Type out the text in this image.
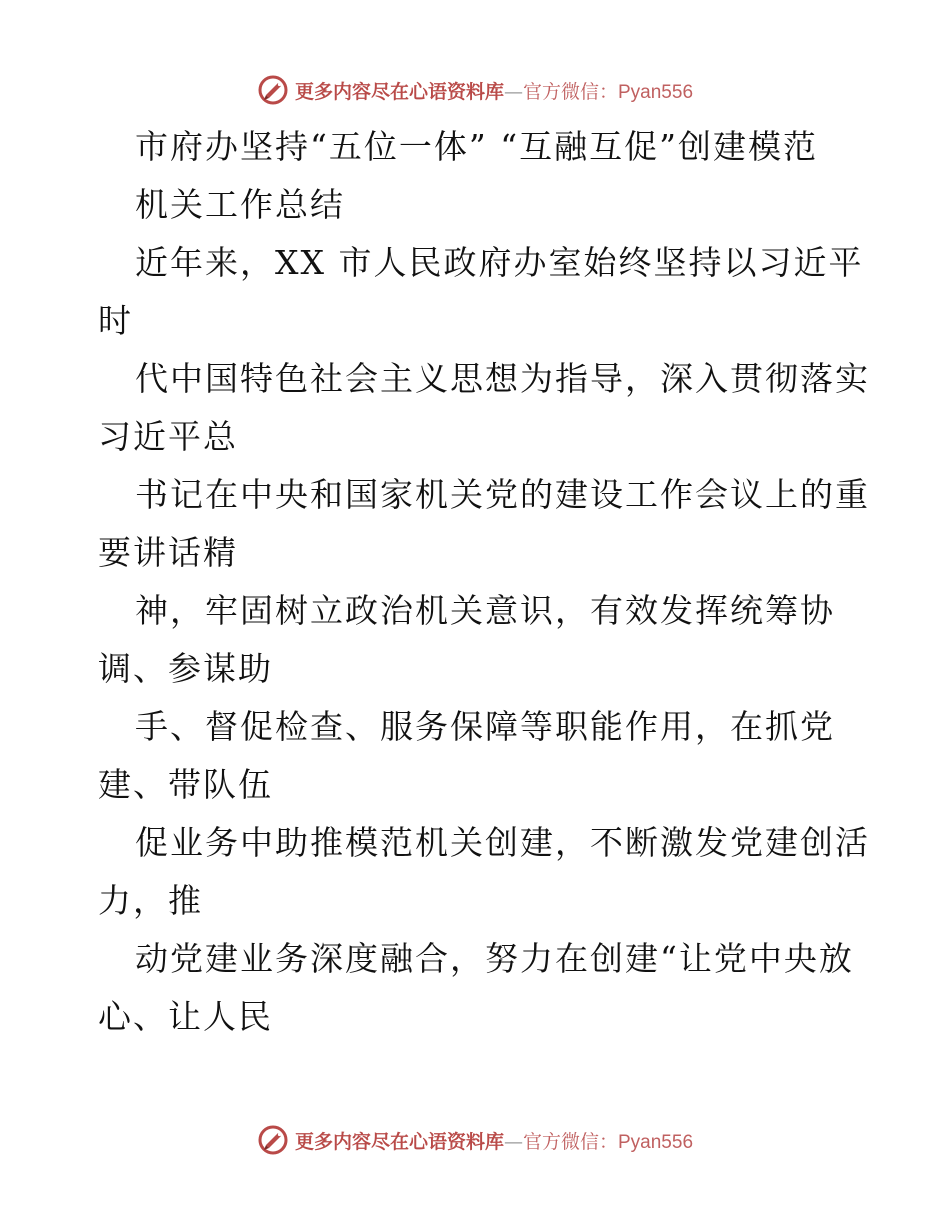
更多内容尽在心语资料库—官方微信：Pyan556
市府办坚持“五位一体” “互融互促”创建模范
机关工作总结
近年来，XX 市人民政府办室始终坚持以习近平
时
代中国特色社会主义思想为指导，深入贯彻落实
习近平总
书记在中央和国家机关党的建设工作会议上的重
要讲话精
神，牢固树立政治机关意识，有效发挥统筹协
调、参谋助
手、督促检查、服务保障等职能作用，在抓党
建、带队伍
促业务中助推模范机关创建，不断激发党建创活
力，推
动党建业务深度融合，努力在创建“让党中央放
心、让人民
更多内容尽在心语资料库—官方微信：Pyan556
